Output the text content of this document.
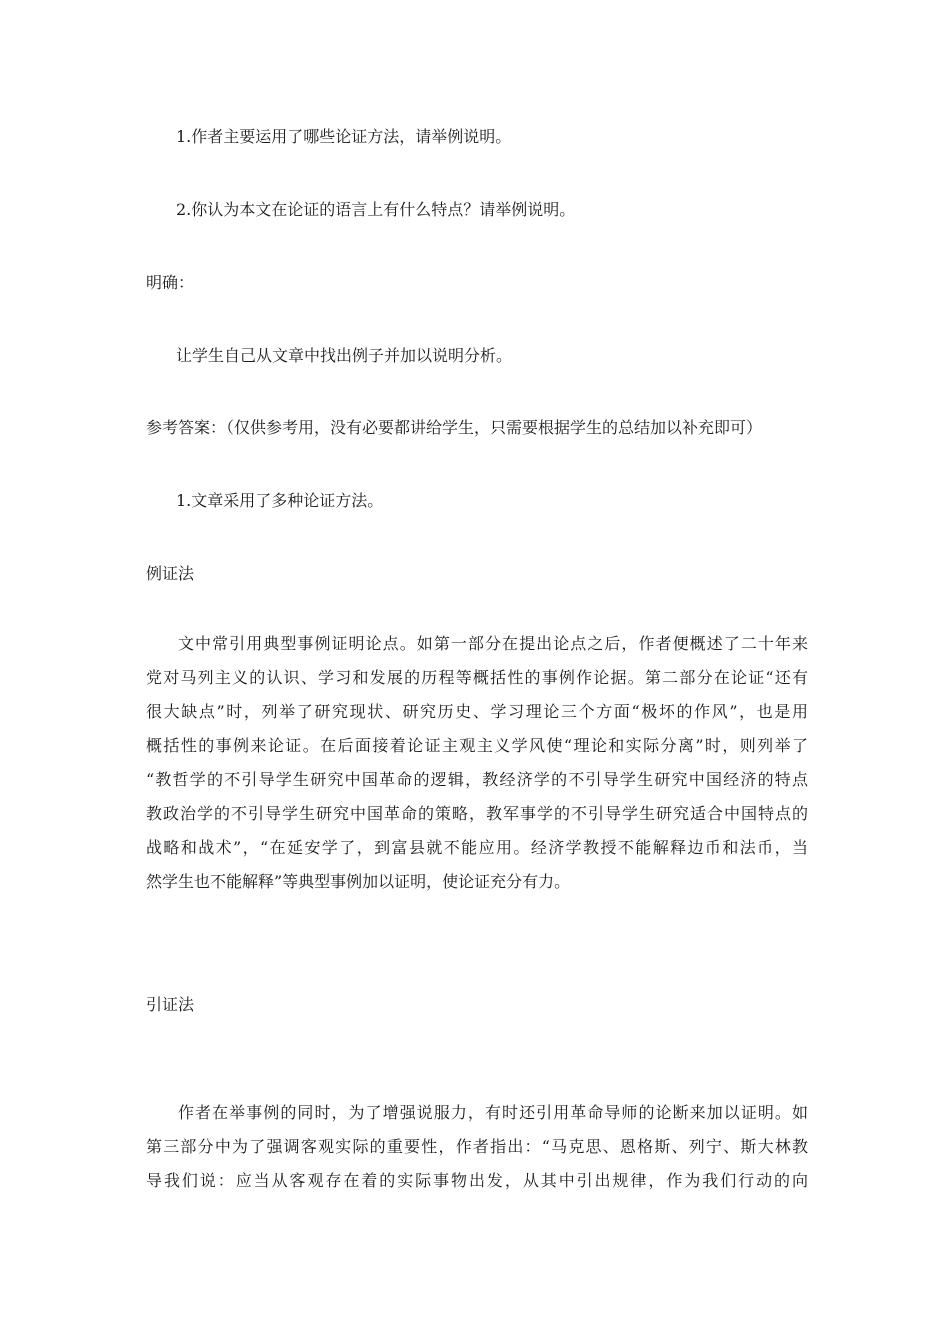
1.作者主要运用了哪些论证方法，请举例说明。
2.你认为本文在论证的语言上有什么特点？请举例说明。
明确：
让学生自己从文章中找出例子并加以说明分析。
参考答案：（仅供参考用，没有必要都讲给学生，只需要根据学生的总结加以补充即可）
1.文章采用了多种论证方法。
例证法
文中常引用典型事例证明论点。如第一部分在提出论点之后，作者便概述了二十年来
党对马列主义的认识、学习和发展的历程等概括性的事例作论据。第二部分在论证“还有
很大缺点”时，列举了研究现状、研究历史、学习理论三个方面“极坏的作风”，也是用
概括性的事例来论证。在后面接着论证主观主义学风使“理论和实际分离”时，则列举了
“教哲学的不引导学生研究中国革命的逻辑，教经济学的不引导学生研究中国经济的特点
教政治学的不引导学生研究中国革命的策略，教军事学的不引导学生研究适合中国特点的
战略和战术”，“在延安学了，到富县就不能应用。经济学教授不能解释边币和法币，当
然学生也不能解释”等典型事例加以证明，使论证充分有力。
引证法
作者在举事例的同时，为了增强说服力，有时还引用革命导师的论断来加以证明。如
第三部分中为了强调客观实际的重要性，作者指出：“马克思、恩格斯、列宁、斯大林教
导我们说：应当从客观存在着的实际事物出发，从其中引出规律，作为我们行动的向
